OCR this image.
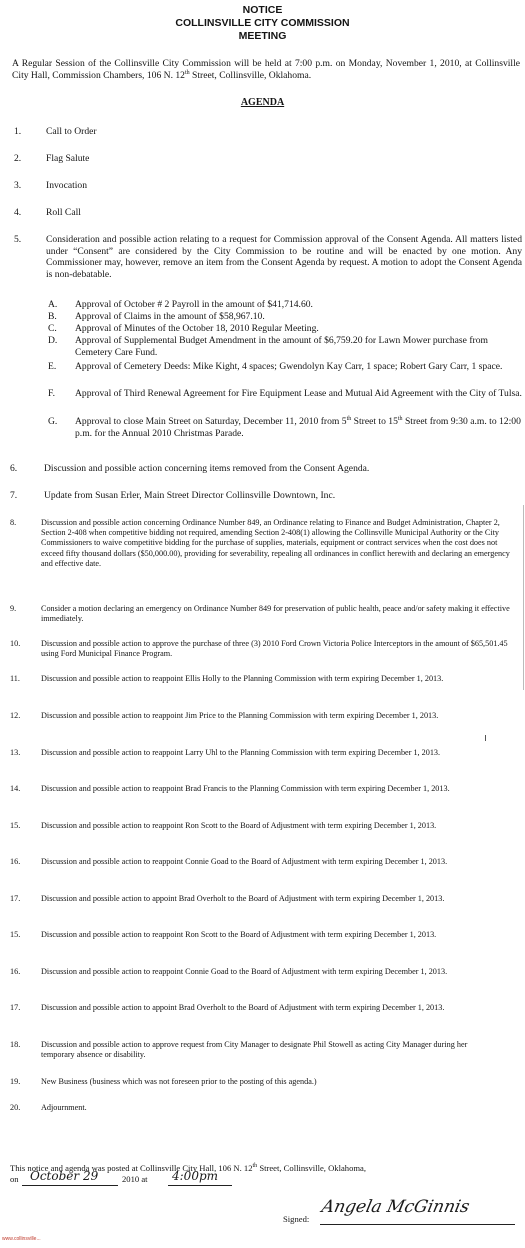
NOTICE
COLLINSVILLE CITY COMMISSION
MEETING
A Regular Session of the Collinsville City Commission will be held at 7:00 p.m. on Monday, November 1, 2010, at Collinsville City Hall, Commission Chambers, 106 N. 12th Street, Collinsville, Oklahoma.
AGENDA
1.	Call to Order
2.	Flag Salute
3.	Invocation
4.	Roll Call
5.	Consideration and possible action relating to a request for Commission approval of the Consent Agenda. All matters listed under “Consent” are considered by the City Commission to be routine and will be enacted by one motion. Any Commissioner may, however, remove an item from the Consent Agenda by request. A motion to adopt the Consent Agenda is non-debatable.
A. Approval of October # 2 Payroll in the amount of $41,714.60.
B. Approval of Claims in the amount of $58,967.10.
C. Approval of Minutes of the October 18, 2010 Regular Meeting.
D. Approval of Supplemental Budget Amendment in the amount of $6,759.20 for Lawn Mower purchase from Cemetery Care Fund.
E. Approval of Cemetery Deeds: Mike Kight, 4 spaces; Gwendolyn Kay Carr, 1 space; Robert Gary Carr, 1 space.
F. Approval of Third Renewal Agreement for Fire Equipment Lease and Mutual Aid Agreement with the City of Tulsa.
G. Approval to close Main Street on Saturday, December 11, 2010 from 5th Street to 15th Street from 9:30 a.m. to 12:00 p.m. for the Annual 2010 Christmas Parade.
6.	Discussion and possible action concerning items removed from the Consent Agenda.
7.	Update from Susan Erler, Main Street Director Collinsville Downtown, Inc.
8.	Discussion and possible action concerning Ordinance Number 849, an Ordinance relating to Finance and Budget Administration, Chapter 2, Section 2-408 when competitive bidding not required, amending Section 2-408(1) allowing the Collinsville Municipal Authority or the City Commissioners to waive competitive bidding for the purchase of supplies, materials, equipment or contract services when the cost does not exceed fifty thousand dollars ($50,000.00), providing for severability, repealing all ordinances in conflict herewith and declaring an emergency and effective date.
9.	Consider a motion declaring an emergency on Ordinance Number 849 for preservation of public health, peace and/or safety making it effective immediately.
10.	Discussion and possible action to approve the purchase of three (3) 2010 Ford Crown Victoria Police Interceptors in the amount of $65,501.45 using Ford Municipal Finance Program.
11.	Discussion and possible action to reappoint Ellis Holly to the Planning Commission with term expiring December 1, 2013.
12.	Discussion and possible action to reappoint Jim Price to the Planning Commission with term expiring December 1, 2013.
13.	Discussion and possible action to reappoint Larry Uhl to the Planning Commission with term expiring December 1, 2013.
14.	Discussion and possible action to reappoint Brad Francis to the Planning Commission with term expiring December 1, 2013.
15.	Discussion and possible action to reappoint Ron Scott to the Board of Adjustment with term expiring December 1, 2013.
16.	Discussion and possible action to reappoint Connie Goad to the Board of Adjustment with term expiring December 1, 2013.
17.	Discussion and possible action to appoint Brad Overholt to the Board of Adjustment with term expiring December 1, 2013.
15.	Discussion and possible action to reappoint Ron Scott to the Board of Adjustment with term expiring December 1, 2013.
16.	Discussion and possible action to reappoint Connie Goad to the Board of Adjustment with term expiring December 1, 2013.
17.	Discussion and possible action to appoint Brad Overholt to the Board of Adjustment with term expiring December 1, 2013.
18.	Discussion and possible action to approve request from City Manager to designate Phil Stowell as acting City Manager during her temporary absence or disability.
19.	New Business (business which was not foreseen prior to the posting of this agenda.)
20.	Adjournment.
This notice and agenda was posted at Collinsville City Hall, 106 N. 12th Street, Collinsville, Oklahoma,
on October 29	2010 at 4:00pm
Signed:
Angela McGinnis
www.collinsville...
